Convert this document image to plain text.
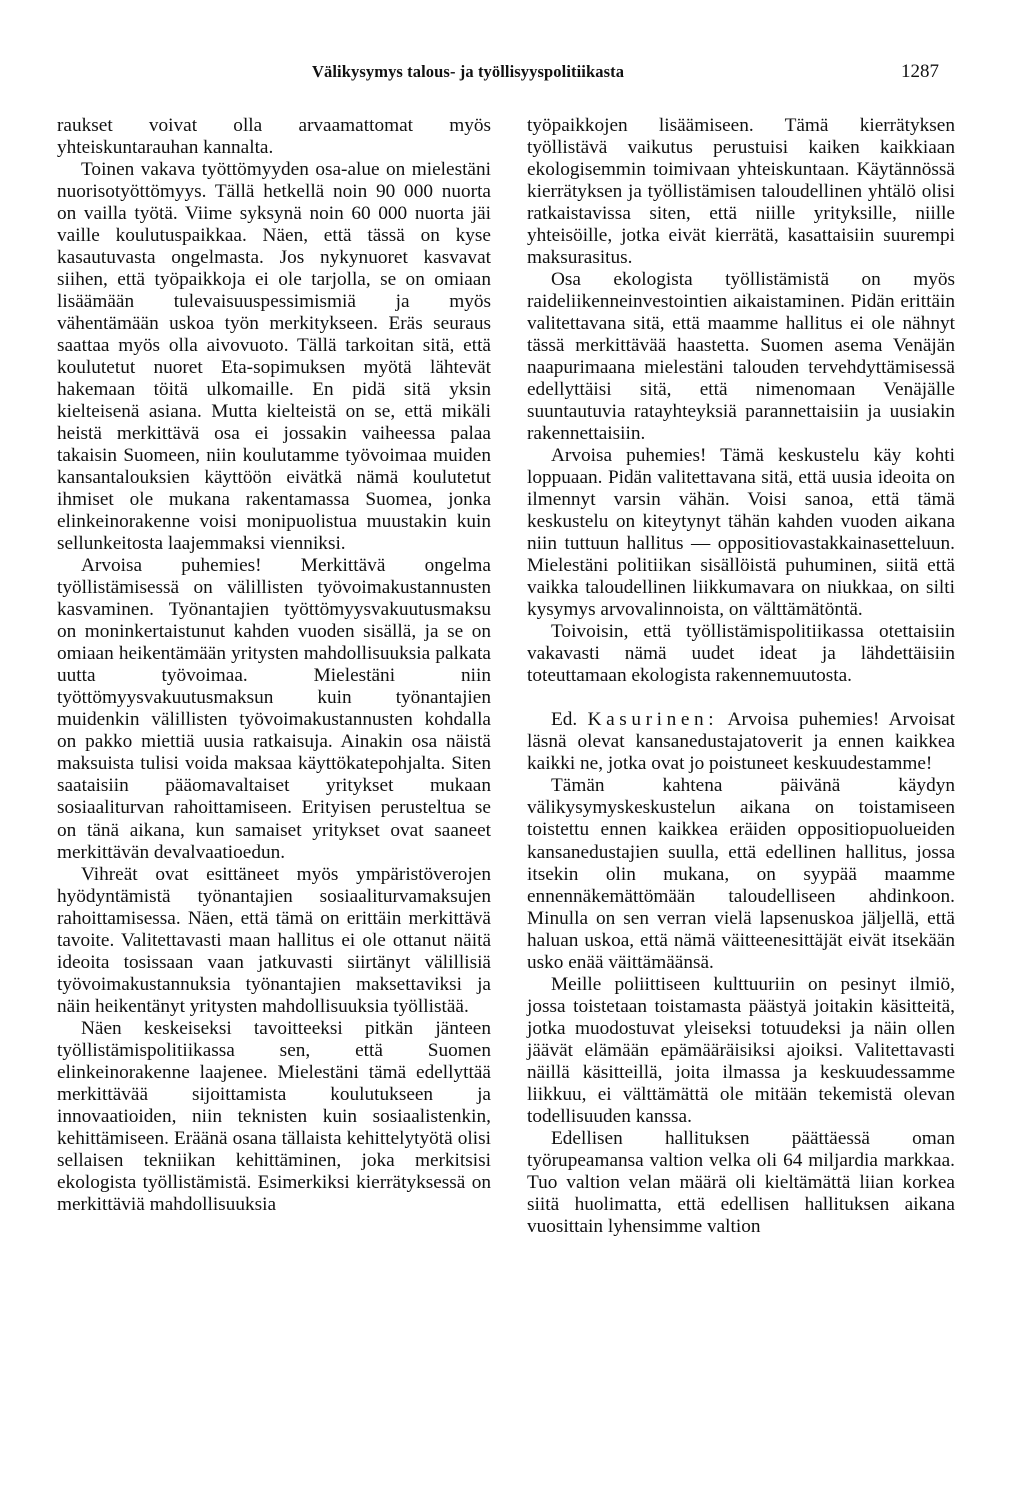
Välikysymys talous- ja työllisyyspolitiikasta	1287

raukset voivat olla arvaamattomat myös yhteiskuntarauhan kannalta.

Toinen vakava työttömyyden osa-alue on mielestäni nuorisotyöttömyys. Tällä hetkellä noin 90 000 nuorta on vailla työtä. Viime syksynä noin 60 000 nuorta jäi vaille koulutuspaikkaa. Näen, että tässä on kyse kasautuvasta ongelmasta. Jos nykynuoret kasvavat siihen, että työpaikkoja ei ole tarjolla, se on omiaan lisäämään tulevaisuuspessimismiä ja myös vähentämään uskoa työn merkitykseen. Eräs seuraus saattaa myös olla aivovuoto. Tällä tarkoitan sitä, että koulutetut nuoret Eta-sopimuksen myötä lähtevät hakemaan töitä ulkomaille. En pidä sitä yksin kielteisenä asiana. Mutta kielteistä on se, että mikäli heistä merkittävä osa ei jossakin vaiheessa palaa takaisin Suomeen, niin koulutamme työvoimaa muiden kansantalouksien käyttöön eivätkä nämä koulutetut ihmiset ole mukana rakentamassa Suomea, jonka elinkeinorakenne voisi monipuolistua muustakin kuin sellunkeitosta laajemmaksi vienniksi.

Arvoisa puhemies! Merkittävä ongelma työllistämisessä on välillisten työvoimakustannusten kasvaminen. Työnantajien työttömyysvakuutusmaksu on moninkertaistunut kahden vuoden sisällä, ja se on omiaan heikentämään yritysten mahdollisuuksia palkata uutta työvoimaa. Mielestäni niin työttömyysvakuutusmaksun kuin työnantajien muidenkin välillisten työvoimakustannusten kohdalla on pakko miettiä uusia ratkaisuja. Ainakin osa näistä maksuista tulisi voida maksaa käyttökatepohjalta. Siten saataisiin pääomavaltaiset yritykset mukaan sosiaaliturvan rahoittamiseen. Erityisen perusteltua se on tänä aikana, kun samaiset yritykset ovat saaneet merkittävän devalvaatioedun.

Vihreät ovat esittäneet myös ympäristöverojen hyödyntämistä työnantajien sosiaaliturvamaksujen rahoittamisessa. Näen, että tämä on erittäin merkittävä tavoite. Valitettavasti maan hallitus ei ole ottanut näitä ideoita tosissaan vaan jatkuvasti siirtänyt välillisiä työvoimakustannuksia työnantajien maksettaviksi ja näin heikentänyt yritysten mahdollisuuksia työllistää.

Näen keskeiseksi tavoitteeksi pitkän jänteen työllistämispolitiikassa sen, että Suomen elinkeinorakenne laajenee. Mielestäni tämä edellyttää merkittävää sijoittamista koulutukseen ja innovaatioiden, niin teknisten kuin sosiaalistenkin, kehittämiseen. Eräänä osana tällaista kehittelytyötä olisi sellaisen tekniikan kehittäminen, joka merkitsisi ekologista työllistämistä. Esimerkiksi kierrätyksessä on merkittäviä mahdollisuuksia

työpaikkojen lisäämiseen. Tämä kierrätyksen työllistävä vaikutus perustuisi kaiken kaikkiaan ekologisemmin toimivaan yhteiskuntaan. Käytännössä kierrätyksen ja työllistämisen taloudellinen yhtälö olisi ratkaistavissa siten, että niille yrityksille, niille yhteisöille, jotka eivät kierrätä, kasattaisiin suurempi maksurasitus.

Osa ekologista työllistämistä on myös raideliikenneinvestointien aikaistaminen. Pidän erittäin valitettavana sitä, että maamme hallitus ei ole nähnyt tässä merkittävää haastetta. Suomen asema Venäjän naapurimaana mielestäni talouden tervehdyttämisessä edellyttäisi sitä, että nimenomaan Venäjälle suuntautuvia ratayhteyksiä parannettaisiin ja uusiakin rakennettaisiin.

Arvoisa puhemies! Tämä keskustelu käy kohti loppuaan. Pidän valitettavana sitä, että uusia ideoita on ilmennyt varsin vähän. Voisi sanoa, että tämä keskustelu on kiteytynyt tähän kahden vuoden aikana niin tuttuun hallitus — oppositiovastakkainasetteluun. Mielestäni politiikan sisällöistä puhuminen, siitä että vaikka taloudellinen liikkumavara on niukkaa, on silti kysymys arvovalinnoista, on välttämätöntä.

Toivoisin, että työllistämispolitiikassa otettaisiin vakavasti nämä uudet ideat ja lähdettäisiin toteuttamaan ekologista rakennemuutosta.

Ed. Kasurinen: Arvoisa puhemies! Arvoisat läsnä olevat kansanedustajatoverit ja ennen kaikkea kaikki ne, jotka ovat jo poistuneet keskuudestamme!

Tämän kahtena päivänä käydyn välikysymyskeskustelun aikana on toistamiseen toistettu ennen kaikkea eräiden oppositiopuolueiden kansanedustajien suulla, että edellinen hallitus, jossa itsekin olin mukana, on syypää maamme ennennäkemättömään taloudelliseen ahdinkoon. Minulla on sen verran vielä lapsenuskoa jäljellä, että haluan uskoa, että nämä väitteenesittäjät eivät itsekään usko enää väittämäänsä.

Meille poliittiseen kulttuuriin on pesinyt ilmiö, jossa toistetaan toistamasta päästyä joitakin käsitteitä, jotka muodostuvat yleiseksi totuudeksi ja näin ollen jäävät elämään epämääräisiksi ajoiksi. Valitettavasti näillä käsitteillä, joita ilmassa ja keskuudessamme liikkuu, ei välttämättä ole mitään tekemistä olevan todellisuuden kanssa.

Edellisen hallituksen päättäessä oman työrupeamansa valtion velka oli 64 miljardia markkaa. Tuo valtion velan määrä oli kieltämättä liian korkea siitä huolimatta, että edellisen hallituksen aikana vuosittain lyhensimme valtion
